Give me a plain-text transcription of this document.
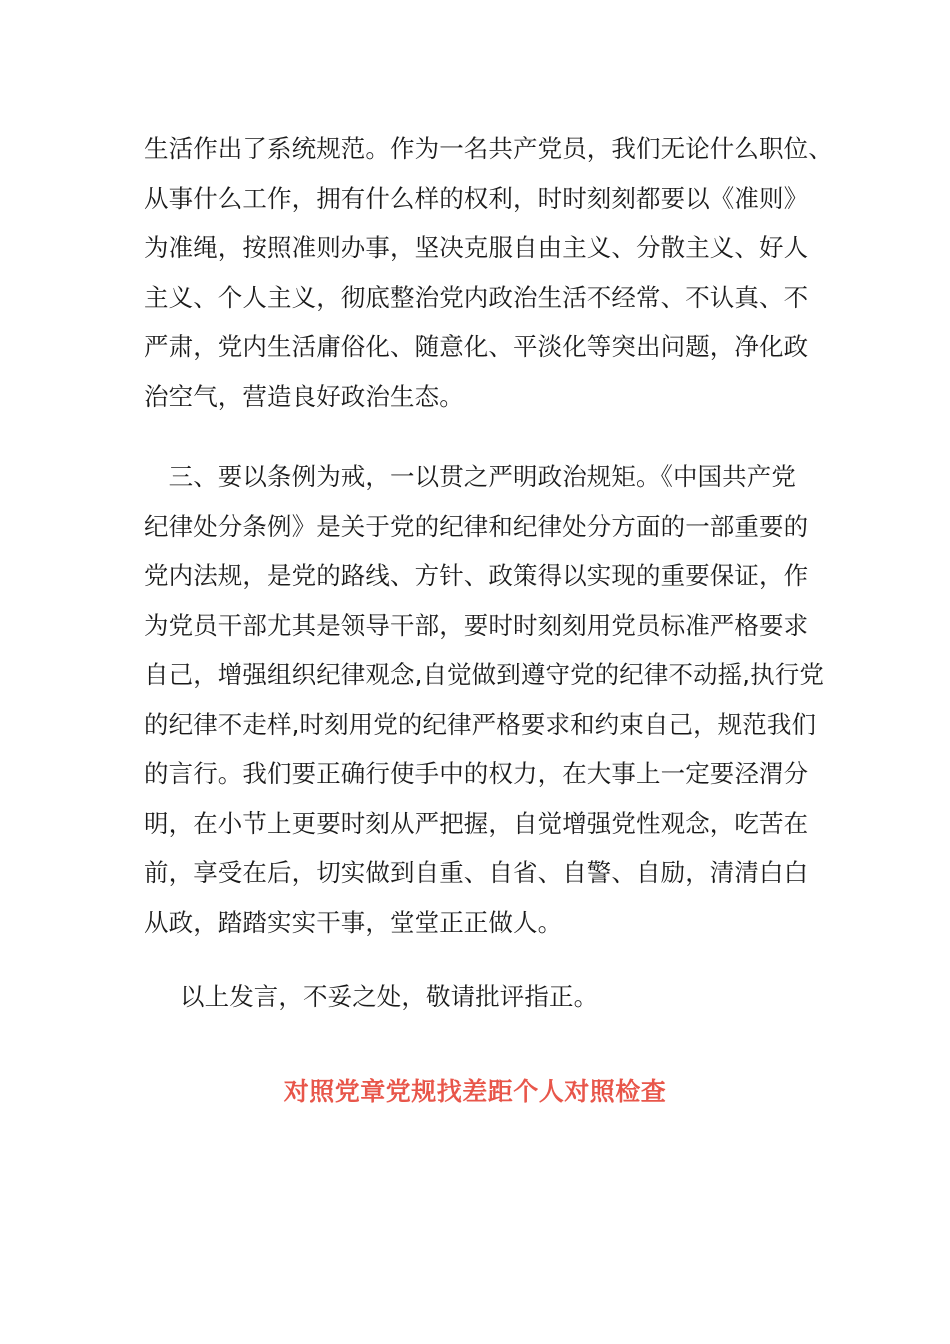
生活作出了系统规范。作为一名共产党员，我们无论什么职位、
从事什么工作，拥有什么样的权利，时时刻刻都要以《准则》
为准绳，按照准则办事，坚决克服自由主义、分散主义、好人
主义、个人主义，彻底整治党内政治生活不经常、不认真、不
严肃，党内生活庸俗化、随意化、平淡化等突出问题，净化政
治空气，营造良好政治生态。
　三、要以条例为戒，一以贯之严明政治规矩。《中国共产党
纪律处分条例》是关于党的纪律和纪律处分方面的一部重要的
党内法规，是党的路线、方针、政策得以实现的重要保证，作
为党员干部尤其是领导干部，要时时刻刻用党员标准严格要求
自己，增强组织纪律观念,自觉做到遵守党的纪律不动摇,执行党
的纪律不走样,时刻用党的纪律严格要求和约束自己，规范我们
的言行。我们要正确行使手中的权力，在大事上一定要泾渭分
明，在小节上更要时刻从严把握，自觉增强党性观念，吃苦在
前，享受在后，切实做到自重、自省、自警、自励，清清白白
从政，踏踏实实干事，堂堂正正做人。
以上发言，不妥之处，敬请批评指正。
对照党章党规找差距个人对照检查
